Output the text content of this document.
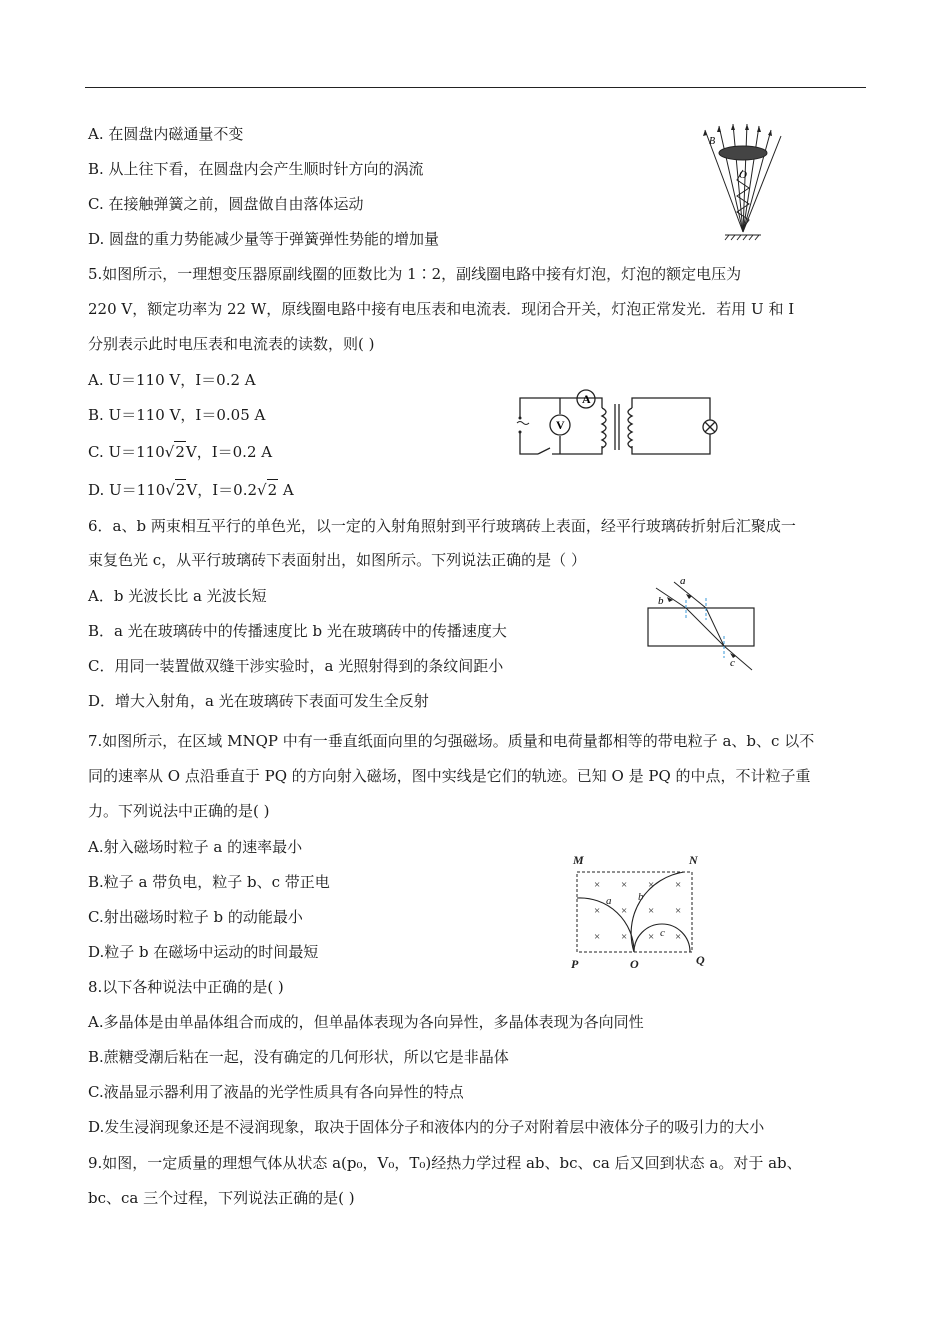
A. 在圆盘内磁通量不变
B. 从上往下看，在圆盘内会产生顺时针方向的涡流
C. 在接触弹簧之前，圆盘做自由落体运动
D. 圆盘的重力势能减少量等于弹簧弹性势能的增加量
B
O
5.如图所示，一理想变压器原副线圈的匝数比为 1∶2，副线圈电路中接有灯泡，灯泡的额定电压为
220 V，额定功率为 22 W，原线圈电路中接有电压表和电流表．现闭合开关，灯泡正常发光．若用 U 和 I
分别表示此时电压表和电流表的读数，则( )
A. U＝110 V，I＝0.2 A
B. U＝110 V，I＝0.05 A
C. U＝110√2V，I＝0.2 A
D. U＝110√2V，I＝0.2√2 A
A
V
6．a、b 两束相互平行的单色光，以一定的入射角照射到平行玻璃砖上表面，经平行玻璃砖折射后汇聚成一
束复色光 c，从平行玻璃砖下表面射出，如图所示。下列说法正确的是（ ）
A．b 光波长比 a 光波长短
B．a 光在玻璃砖中的传播速度比 b 光在玻璃砖中的传播速度大
C．用同一装置做双缝干涉实验时，a 光照射得到的条纹间距小
D．增大入射角，a 光在玻璃砖下表面可发生全反射
a
b
c
7.如图所示，在区域 MNQP 中有一垂直纸面向里的匀强磁场。质量和电荷量都相等的带电粒子 a、b、c 以不
同的速率从 O 点沿垂直于 PQ 的方向射入磁场，图中实线是它们的轨迹。已知 O 是 PQ 的中点，不计粒子重
力。下列说法中正确的是( )
A.射入磁场时粒子 a 的速率最小
B.粒子 a 带负电，粒子 b、c 带正电
C.射出磁场时粒子 b 的动能最小
D.粒子 b 在磁场中运动的时间最短
× × × ×
× × × ×
× × × ×
M	N
P	O	Q
a b
c
8.以下各种说法中正确的是( )
A.多晶体是由单晶体组合而成的，但单晶体表现为各向异性，多晶体表现为各向同性
B.蔗糖受潮后粘在一起，没有确定的几何形状，所以它是非晶体
C.液晶显示器利用了液晶的光学性质具有各向异性的特点
D.发生浸润现象还是不浸润现象，取决于固体分子和液体内的分子对附着层中液体分子的吸引力的大小
9.如图，一定质量的理想气体从状态 a(p₀，V₀，T₀)经热力学过程 ab、bc、ca 后又回到状态 a。对于 ab、
bc、ca 三个过程，下列说法正确的是( )
